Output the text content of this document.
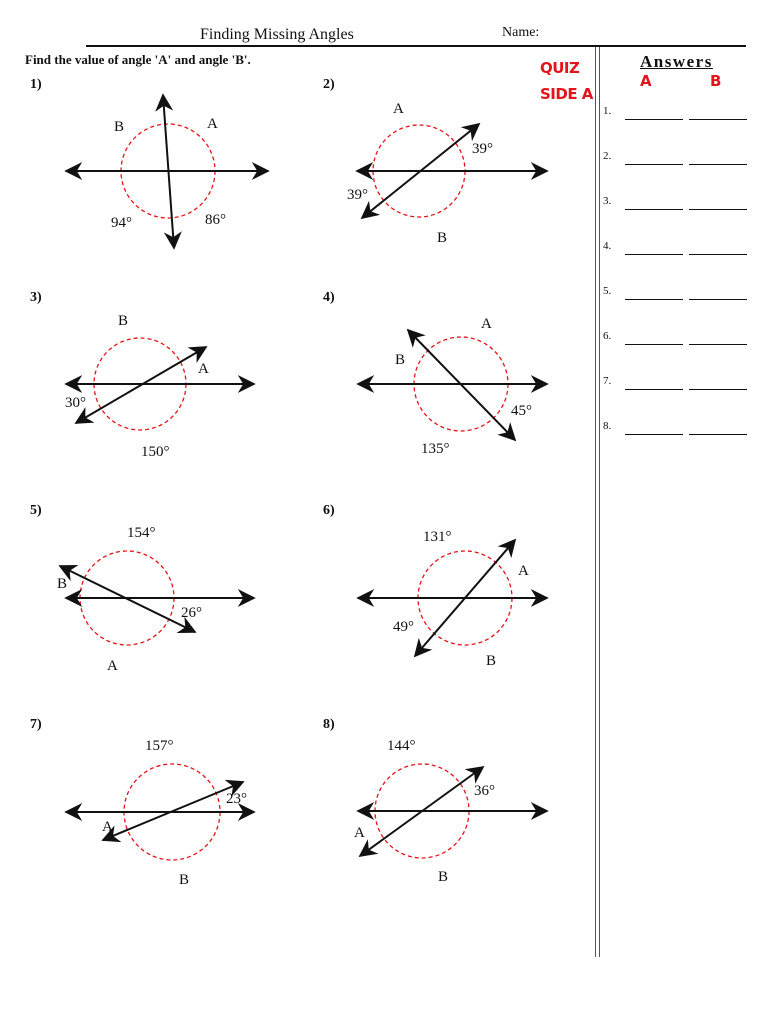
Finding Missing Angles	Name:
Find the value of angle 'A' and angle 'B'.	QUIZ
SIDE A
Answers
A	B
1.
2.
3.
4.
5.
6.
7.
8.
1)	2)
3)	4)
5)	6)
7)	8)
B	A
94°	86°
A
39°
39°
B
B
A
30°
150°
A
B
45°
135°
154°
B
26°
A
131°
A
49°
B
157°
23°
A
B
144°
36°
A
B
